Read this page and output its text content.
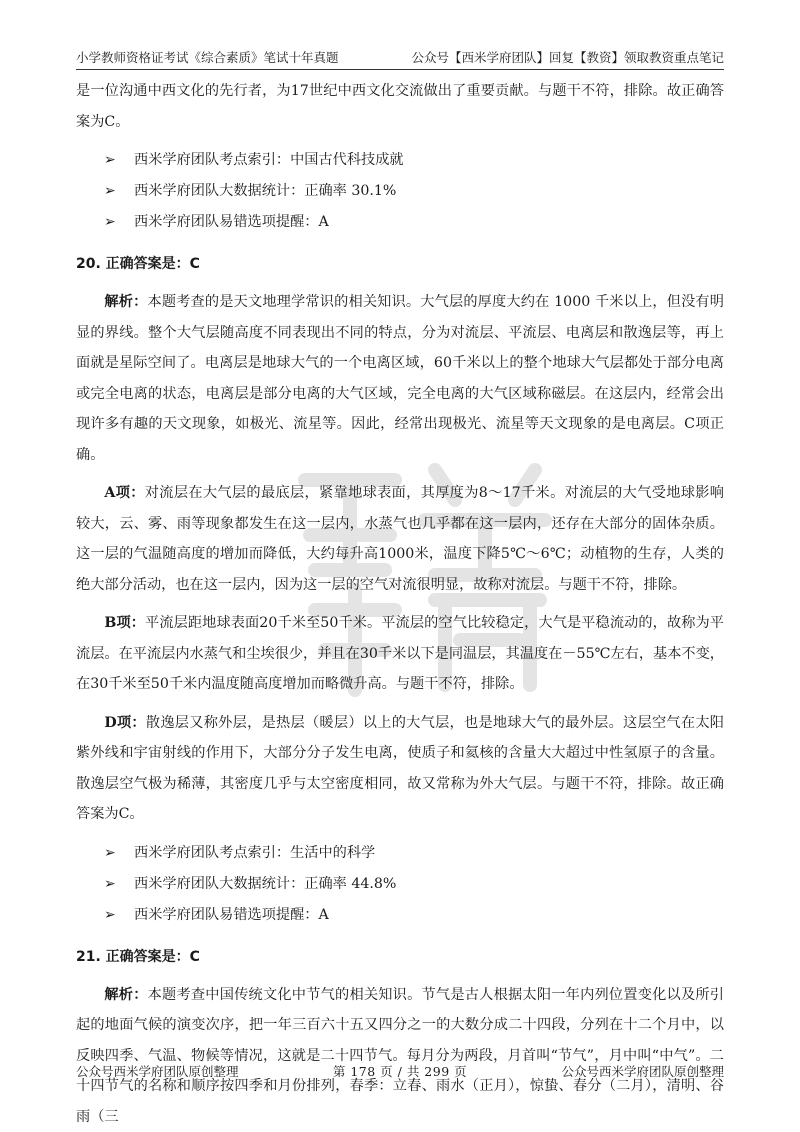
小学教师资格证考试《综合素质》笔试十年真题	公众号【西米学府团队】回复【教资】领取教资重点笔记

是一位沟通中西文化的先行者，为17世纪中西文化交流做出了重要贡献。与题干不符，排除。故正确答案为C。

➢	西米学府团队考点索引：中国古代科技成就
➢	西米学府团队大数据统计：正确率 30.1%
➢	西米学府团队易错选项提醒：A
20. 正确答案是：C

解析：本题考查的是天文地理学常识的相关知识。大气层的厚度大约在 1000 千米以上，但没有明显的界线。整个大气层随高度不同表现出不同的特点，分为对流层、平流层、电离层和散逸层等，再上面就是星际空间了。电离层是地球大气的一个电离区域，60千米以上的整个地球大气层都处于部分电离或完全电离的状态，电离层是部分电离的大气区域，完全电离的大气区域称磁层。在这层内，经常会出现许多有趣的天文现象，如极光、流星等。因此，经常出现极光、流星等天文现象的是电离层。C项正确。

A项：对流层在大气层的最底层，紧靠地球表面，其厚度为8～17千米。对流层的大气受地球影响较大，云、雾、雨等现象都发生在这一层内，水蒸气也几乎都在这一层内，还存在大部分的固体杂质。这一层的气温随高度的增加而降低，大约每升高1000米，温度下降5℃～6℃；动植物的生存，人类的绝大部分活动，也在这一层内，因为这一层的空气对流很明显，故称对流层。与题干不符，排除。

B项：平流层距地球表面20千米至50千米。平流层的空气比较稳定，大气是平稳流动的，故称为平流层。在平流层内水蒸气和尘埃很少，并且在30千米以下是同温层，其温度在－55℃左右，基本不变，在30千米至50千米内温度随高度增加而略微升高。与题干不符，排除。

D项：散逸层又称外层，是热层（暖层）以上的大气层，也是地球大气的最外层。这层空气在太阳紫外线和宇宙射线的作用下，大部分分子发生电离，使质子和氦核的含量大大超过中性氢原子的含量。散逸层空气极为稀薄，其密度几乎与太空密度相同，故又常称为外大气层。与题干不符，排除。故正确答案为C。

➢	西米学府团队考点索引：生活中的科学
➢	西米学府团队大数据统计：正确率 44.8%
➢	西米学府团队易错选项提醒：A
21. 正确答案是：C

解析：本题考查中国传统文化中节气的相关知识。节气是古人根据太阳一年内列位置变化以及所引起的地面气候的演变次序，把一年三百六十五又四分之一的大数分成二十四段，分列在十二个月中，以反映四季、气温、物候等情况，这就是二十四节气。每月分为两段，月首叫“节气”，月中叫“中气”。二十四节气的名称和顺序按四季和月份排列，春季：立春、雨水（正月），惊蛰、春分（二月），清明、谷雨（三

公众号西米学府团队原创整理	第 178 页 / 共 299 页	公众号西米学府团队原创整理
